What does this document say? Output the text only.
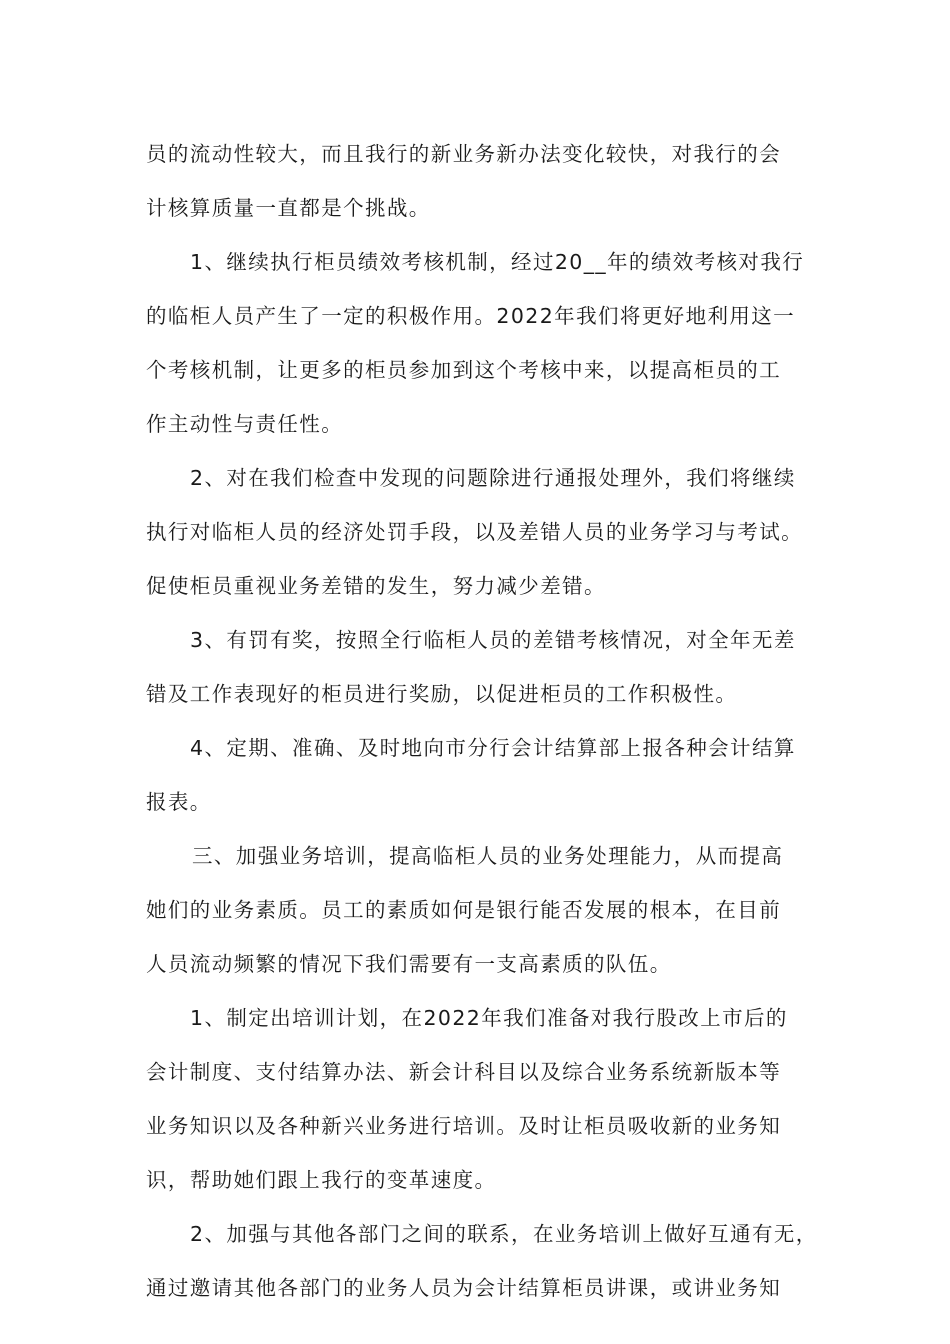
员的流动性较大，而且我行的新业务新办法变化较快，对我行的会
计核算质量一直都是个挑战。

1、继续执行柜员绩效考核机制，经过20__年的绩效考核对我行
的临柜人员产生了一定的积极作用。2022年我们将更好地利用这一
个考核机制，让更多的柜员参加到这个考核中来，以提高柜员的工
作主动性与责任性。

2、对在我们检查中发现的问题除进行通报处理外，我们将继续
执行对临柜人员的经济处罚手段，以及差错人员的业务学习与考试。
促使柜员重视业务差错的发生，努力减少差错。

3、有罚有奖，按照全行临柜人员的差错考核情况，对全年无差
错及工作表现好的柜员进行奖励，以促进柜员的工作积极性。

4、定期、准确、及时地向市分行会计结算部上报各种会计结算
报表。

三、加强业务培训，提高临柜人员的业务处理能力，从而提高
她们的业务素质。员工的素质如何是银行能否发展的根本，在目前
人员流动频繁的情况下我们需要有一支高素质的队伍。

1、制定出培训计划，在2022年我们准备对我行股改上市后的
会计制度、支付结算办法、新会计科目以及综合业务系统新版本等
业务知识以及各种新兴业务进行培训。及时让柜员吸收新的业务知
识，帮助她们跟上我行的变革速度。

2、加强与其他各部门之间的联系，在业务培训上做好互通有无，
通过邀请其他各部门的业务人员为会计结算柜员讲课，或讲业务知
